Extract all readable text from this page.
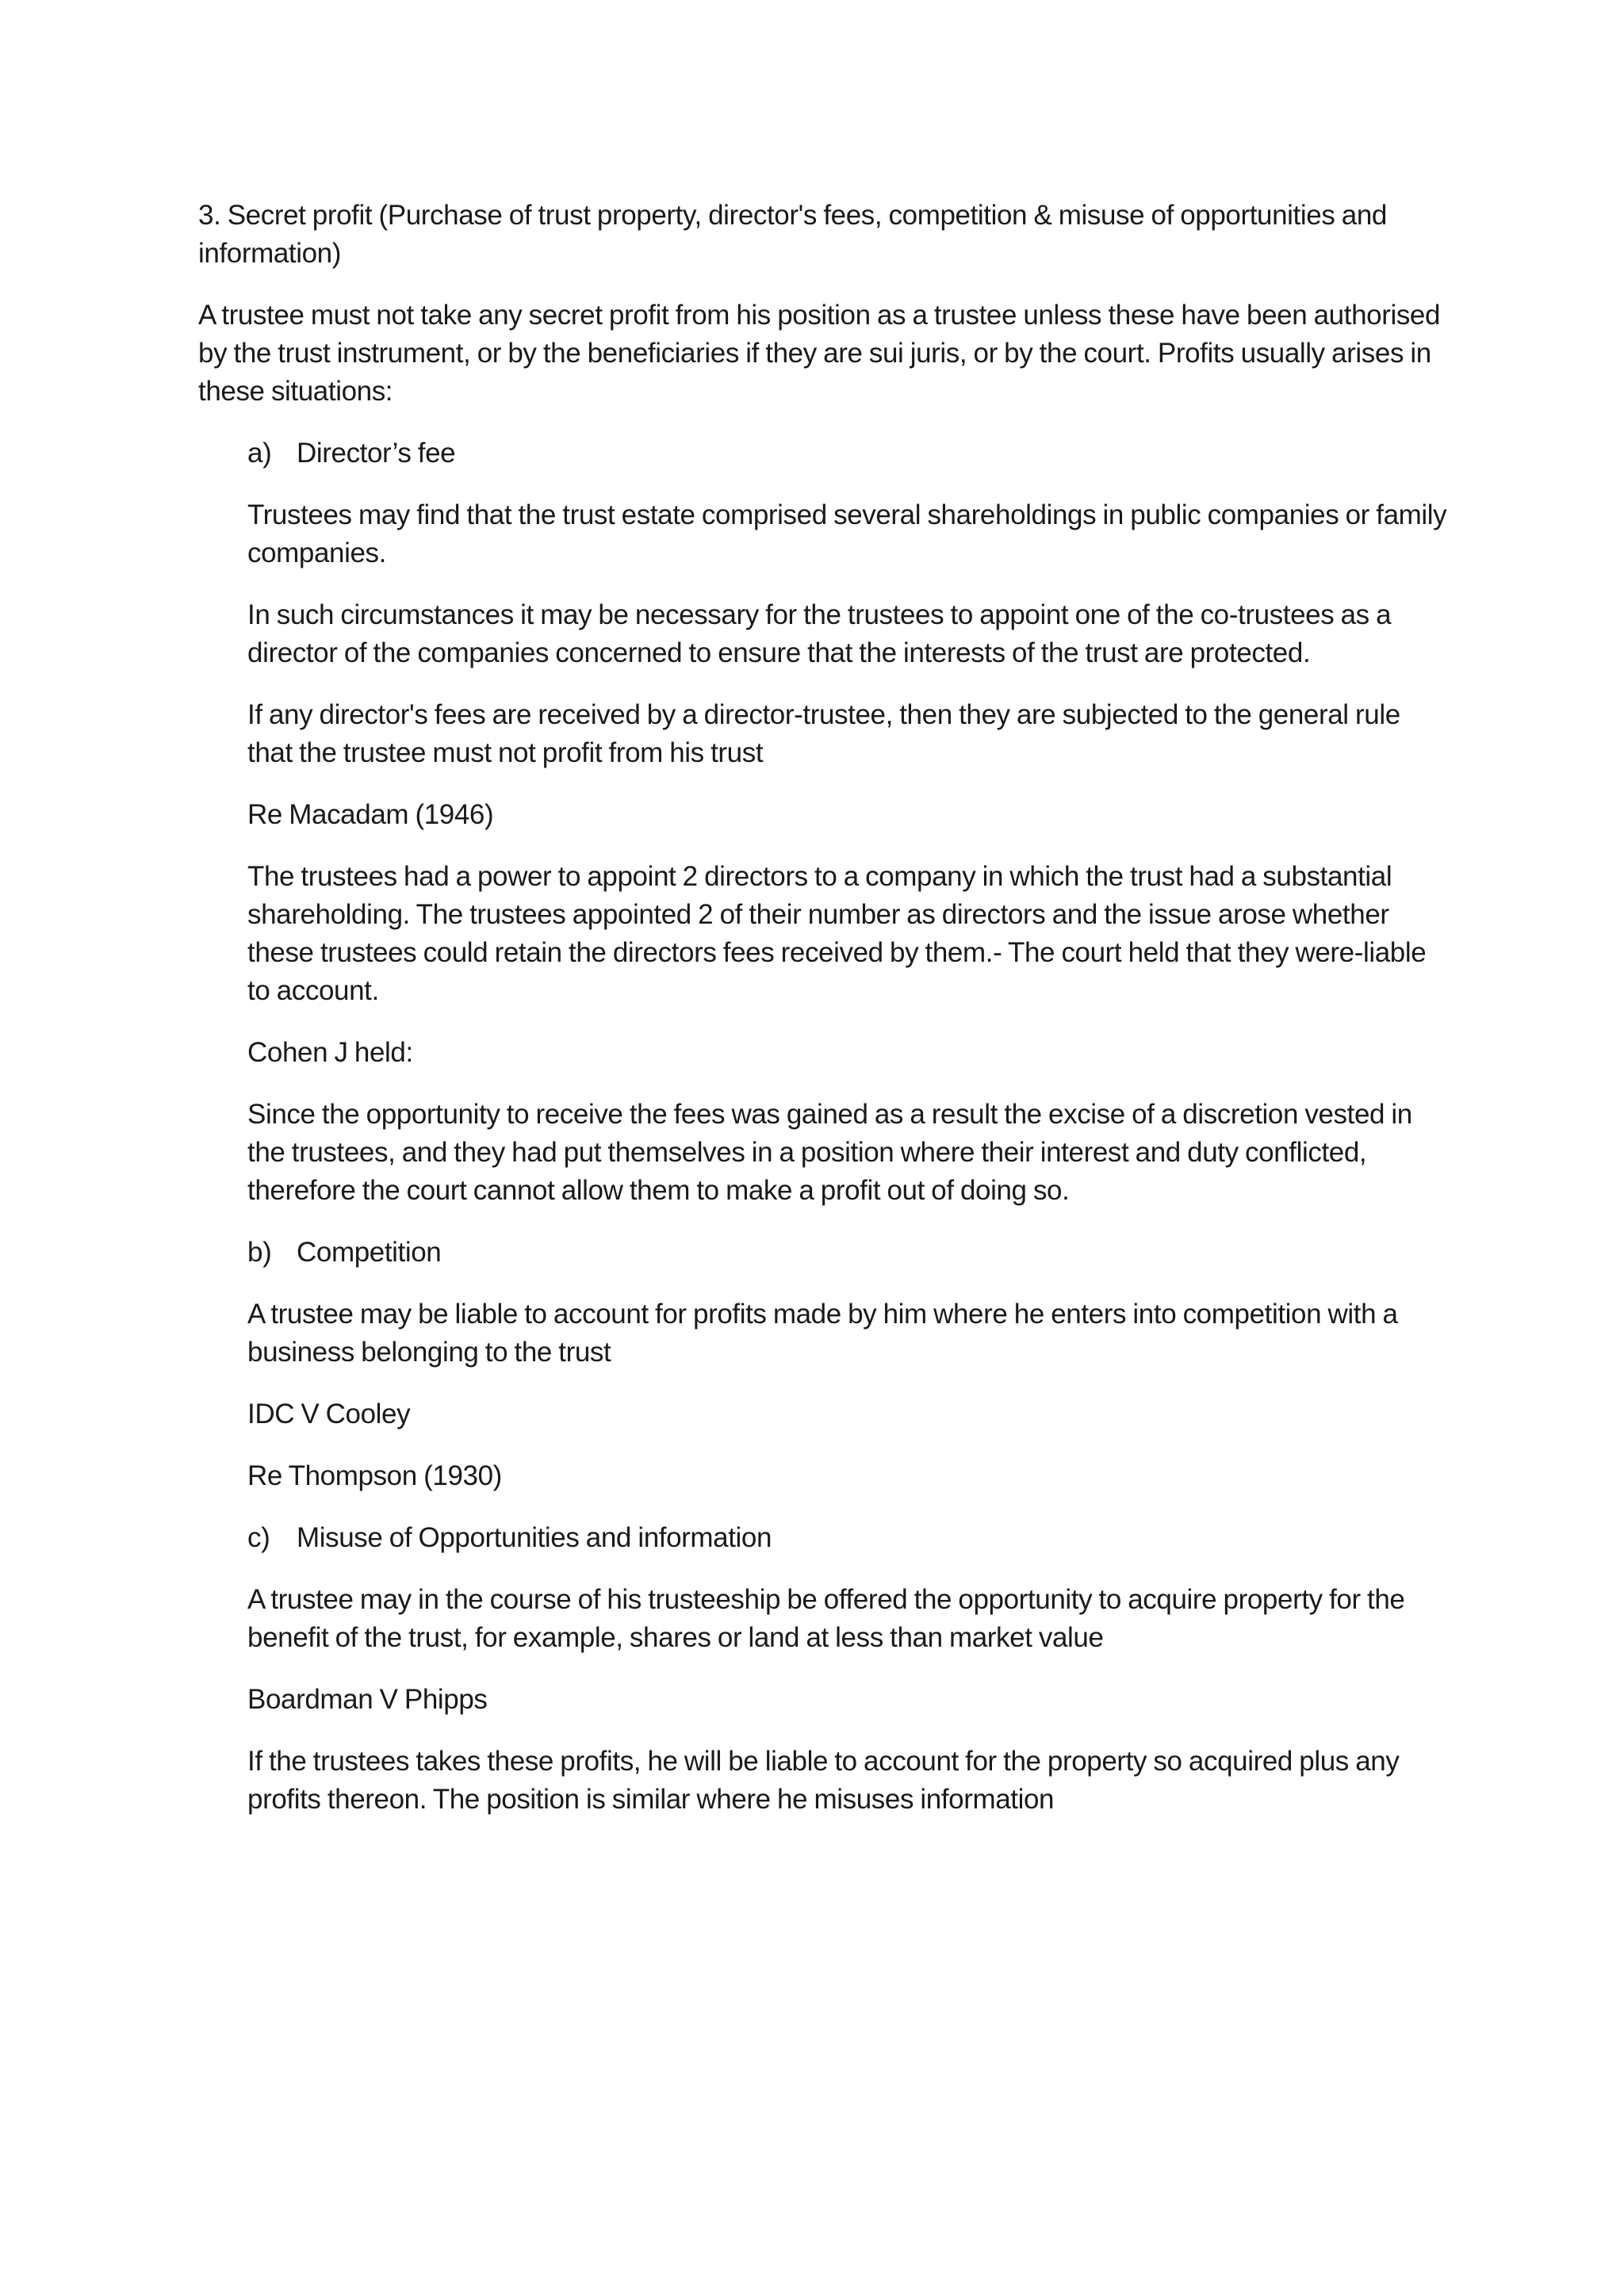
3. Secret profit (Purchase of trust property, director's fees, competition & misuse of opportunities and information)

A trustee must not take any secret profit from his position as a trustee unless these have been authorised by the trust instrument, or by the beneficiaries if they are sui juris, or by the court. Profits usually arises in these situations:

a) Director’s fee

Trustees may find that the trust estate comprised several shareholdings in public companies or family companies.

In such circumstances it may be necessary for the trustees to appoint one of the co-trustees as a director of the companies concerned to ensure that the interests of the trust are protected.

If any director's fees are received by a director-trustee, then they are subjected to the general rule that the trustee must not profit from his trust

Re Macadam (1946)

The trustees had a power to appoint 2 directors to a company in which the trust had a substantial shareholding. The trustees appointed 2 of their number as directors and the issue arose whether these trustees could retain the directors fees received by them.- The court held that they were-liable to account.

Cohen J held:

Since the opportunity to receive the fees was gained as a result the excise of a discretion vested in the trustees, and they had put themselves in a position where their interest and duty conflicted, therefore the court cannot allow them to make a profit out of doing so.

b) Competition

A trustee may be liable to account for profits made by him where he enters into competition with a business belonging to the trust

IDC V Cooley

Re Thompson (1930)

c) Misuse of Opportunities and information

A trustee may in the course of his trusteeship be offered the opportunity to acquire property for the benefit of the trust, for example, shares or land at less than market value

Boardman V Phipps

If the trustees takes these profits, he will be liable to account for the property so acquired plus any profits thereon. The position is similar where he misuses information
